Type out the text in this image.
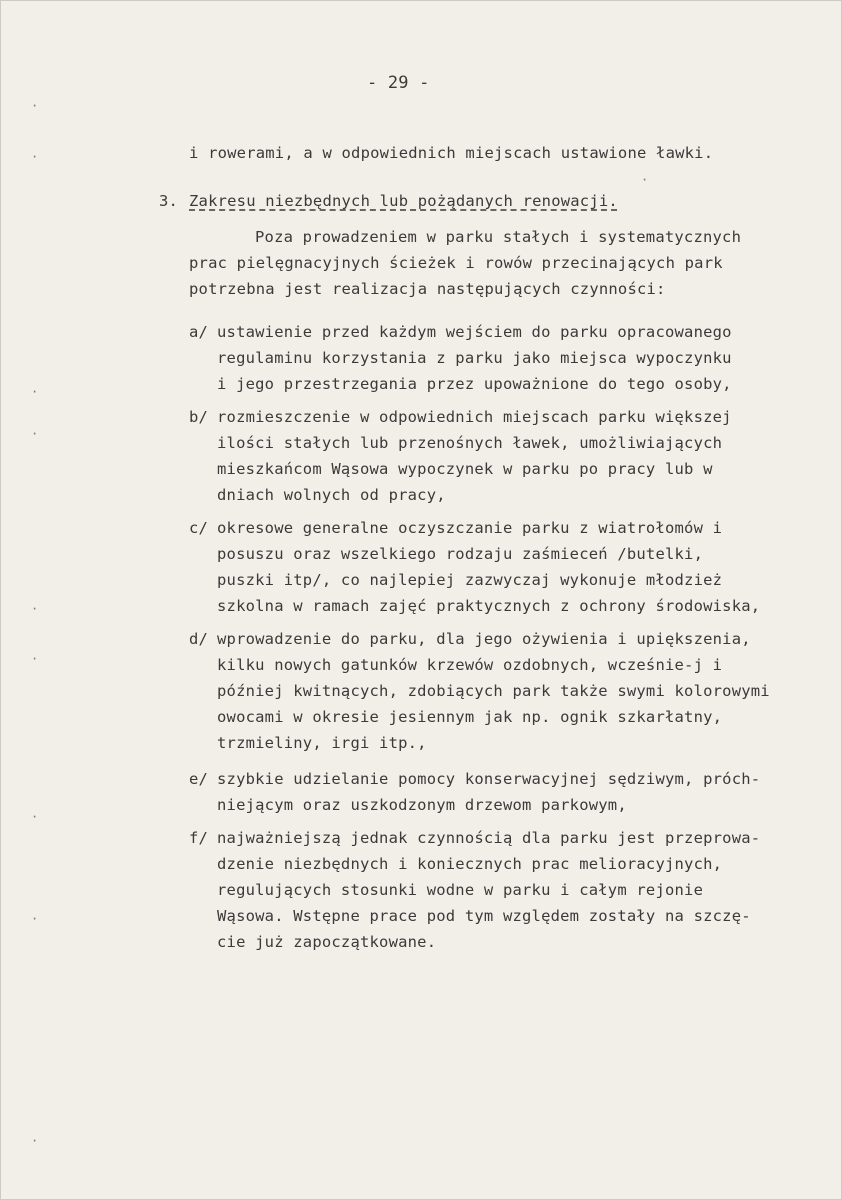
- 29 -
i rowerami, a w odpowiednich miejscach ustawione ławki.
3. Zakresu niezbędnych lub pożądanych renowacji.
Poza prowadzeniem w parku stałych i systematycznych
prac pielęgnacyjnych ścieżek i rowów przecinających park
potrzebna jest realizacja następujących czynności:
a/ ustawienie przed każdym wejściem do parku opracowanego
regulaminu korzystania z parku jako miejsca wypoczynku
i jego przestrzegania przez upoważnione do tego osoby,
b/ rozmieszczenie w odpowiednich miejscach parku większej
ilości stałych lub przenośnych ławek, umożliwiających
mieszkańcom Wąsowa wypoczynek w parku po pracy lub w
dniach wolnych od pracy,
c/ okresowe generalne oczyszczanie parku z wiatrołomów i
posuszu oraz wszelkiego rodzaju zaśmieceń /butelki,
puszki itp/, co najlepiej zazwyczaj wykonuje młodzież
szkolna w ramach zajęć praktycznych z ochrony środowiska,
d/ wprowadzenie do parku, dla jego ożywienia i upiększenia,
kilku nowych gatunków krzewów ozdobnych, wcześnie-j i
później kwitnących, zdobiących park także swymi kolorowymi
owocami w okresie jesiennym jak np. ognik szkarłatny,
trzmieliny, irgi itp.,
e/ szybkie udzielanie pomocy konserwacyjnej sędziwym, próch-
niejącym oraz uszkodzonym drzewom parkowym,
f/ najważniejszą jednak czynnością dla parku jest przeprowa-
dzenie niezbędnych i koniecznych prac melioracyjnych,
regulujących stosunki wodne w parku i całym rejonie
Wąsowa. Wstępne prace pod tym względem zostały na szczę-
cie już zapoczątkowane.
·
·
·
·
·
·
·
·
·
·
